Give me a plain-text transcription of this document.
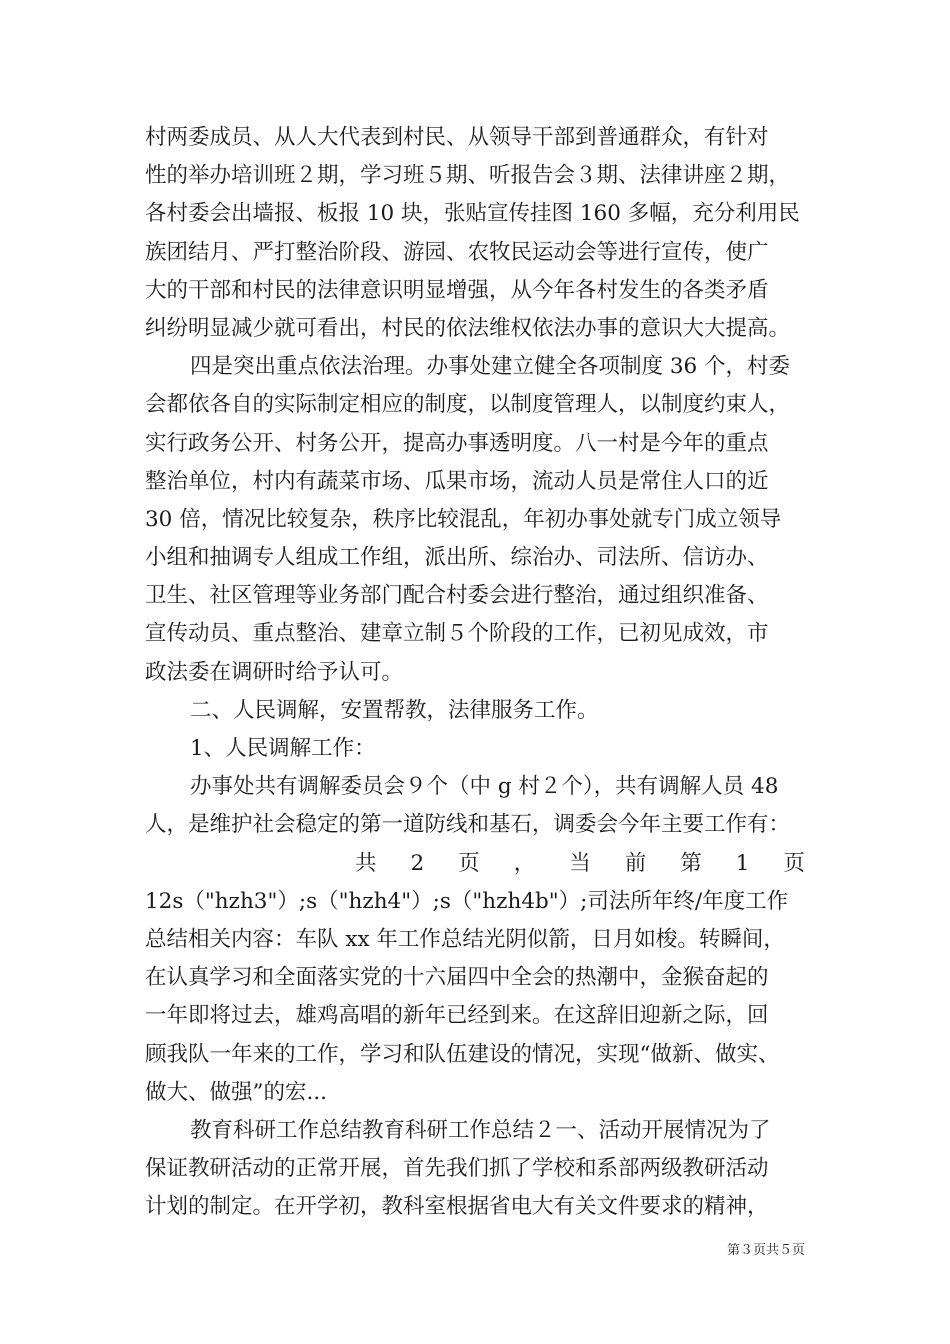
村两委成员、从人大代表到村民、从领导干部到普通群众，有针对
性的举办培训班２期，学习班５期、听报告会３期、法律讲座２期，
各村委会出墙报、板报 10 块，张贴宣传挂图 160 多幅，充分利用民
族团结月、严打整治阶段、游园、农牧民运动会等进行宣传，使广
大的干部和村民的法律意识明显增强，从今年各村发生的各类矛盾
纠纷明显减少就可看出，村民的依法维权依法办事的意识大大提高。
四是突出重点依法治理。办事处建立健全各项制度 36 个，村委
会都依各自的实际制定相应的制度，以制度管理人，以制度约束人，
实行政务公开、村务公开，提高办事透明度。八一村是今年的重点
整治单位，村内有蔬菜市场、瓜果市场，流动人员是常住人口的近
30 倍，情况比较复杂，秩序比较混乱，年初办事处就专门成立领导
小组和抽调专人组成工作组，派出所、综治办、司法所、信访办、
卫生、社区管理等业务部门配合村委会进行整治，通过组织准备、
宣传动员、重点整治、建章立制５个阶段的工作，已初见成效，市
政法委在调研时给予认可。
二、人民调解，安置帮教，法律服务工作。
1、人民调解工作：
办事处共有调解委员会９个（中 g 村２个），共有调解人员 48
人，是维护社会稳定的第一道防线和基石，调委会今年主要工作有：
共 2 页 ， 当 前 第 1 页
12s（"hzh3"）;s（"hzh4"）;s（"hzh4b"）;司法所年终/年度工作
总结相关内容：车队 xx 年工作总结光阴似箭，日月如梭。转瞬间，
在认真学习和全面落实党的十六届四中全会的热潮中，金猴奋起的
一年即将过去，雄鸡高唱的新年已经到来。在这辞旧迎新之际，回
顾我队一年来的工作，学习和队伍建设的情况，实现“做新、做实、
做大、做强”的宏...
教育科研工作总结教育科研工作总结２一、活动开展情况为了
保证教研活动的正常开展，首先我们抓了学校和系部两级教研活动
计划的制定。在开学初，教科室根据省电大有关文件要求的精神，
第３页共５页
